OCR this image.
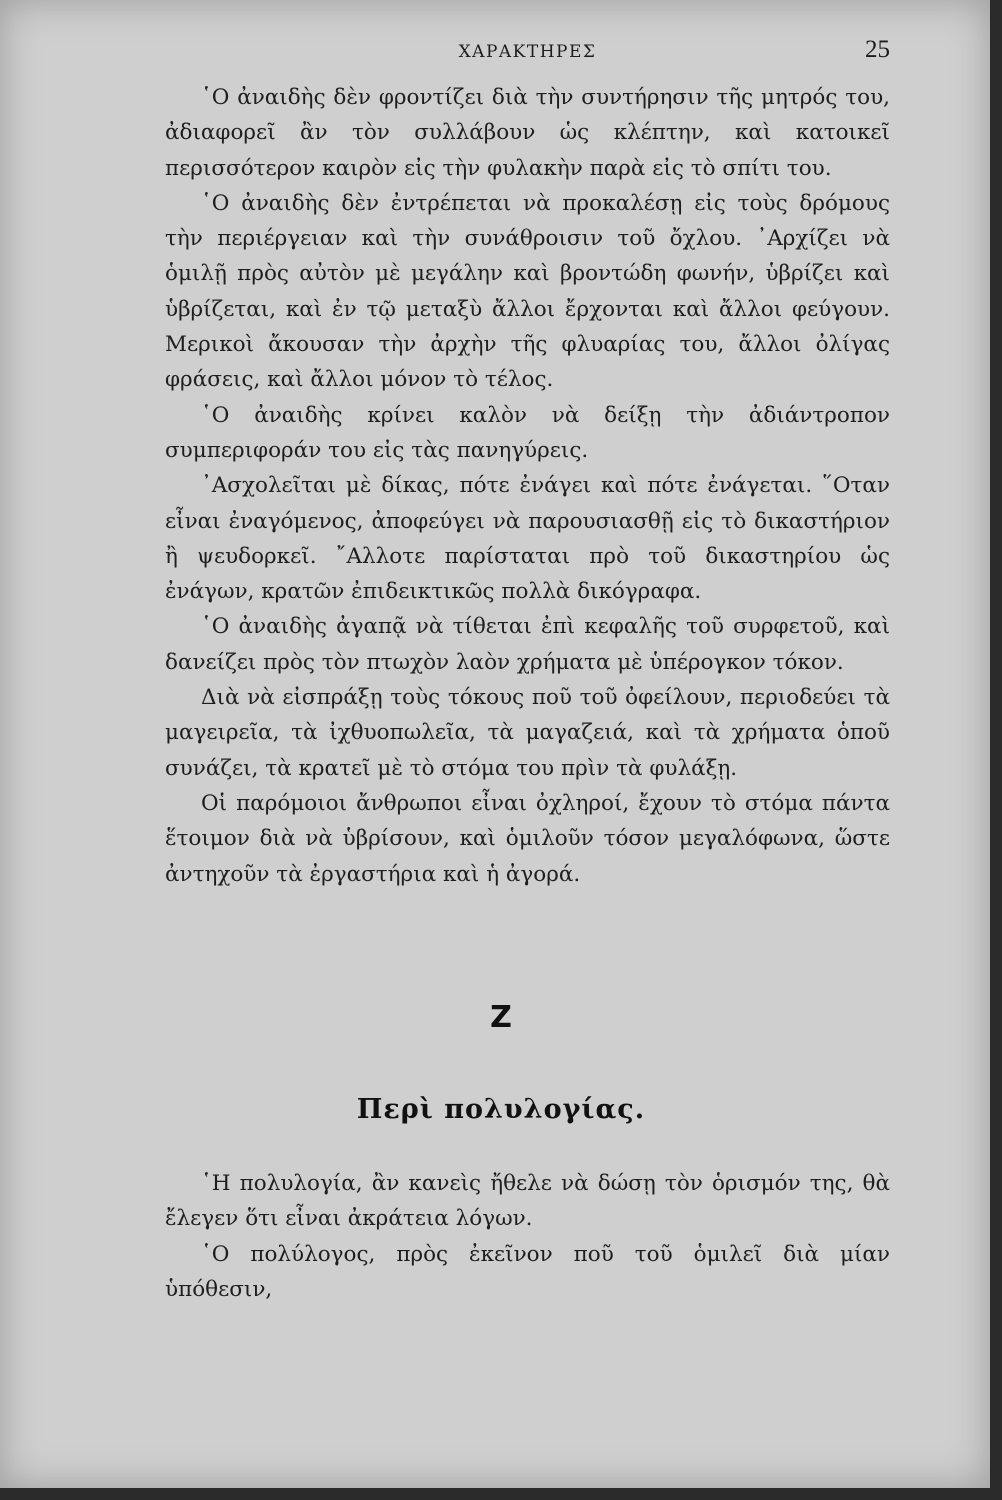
ΧΑΡΑΚΤΗΡΕΣ	25

῾Ο ἀναιδὴς δὲν φροντίζει διὰ τὴν συντήρησιν τῆς μητρός του, ἀδιαφορεῖ ἂν τὸν συλλάβουν ὡς κλέπτην, καὶ κατοικεῖ περισσότερον καιρὸν εἰς τὴν φυλακὴν παρὰ εἰς τὸ σπίτι του.

῾Ο ἀναιδὴς δὲν ἐντρέπεται νὰ προκαλέσῃ εἰς τοὺς δρόμους τὴν περιέργειαν καὶ τὴν συνάθροισιν τοῦ ὄχλου. ᾿Αρχίζει νὰ ὁμιλῇ πρὸς αὐτὸν μὲ μεγάλην καὶ βροντώδη φωνήν, ὑβρίζει καὶ ὑβρίζεται, καὶ ἐν τῷ μεταξὺ ἄλλοι ἔρχονται καὶ ἄλλοι φεύγουν. Μερικοὶ ἄκουσαν τὴν ἀρχὴν τῆς φλυαρίας του, ἄλλοι ὀλίγας φράσεις, καὶ ἄλλοι μόνον τὸ τέλος.

῾Ο ἀναιδὴς κρίνει καλὸν νὰ δείξῃ τὴν ἀδιάντροπον συμπεριφοράν του εἰς τὰς πανηγύρεις.

᾿Ασχολεῖται μὲ δίκας, πότε ἐνάγει καὶ πότε ἐνάγεται. ῞Οταν εἶναι ἐναγόμενος, ἀποφεύγει νὰ παρουσιασθῇ εἰς τὸ δικαστήριον ἢ ψευδορκεῖ. ῎Αλλοτε παρίσταται πρὸ τοῦ δικαστηρίου ὡς ἐνάγων, κρατῶν ἐπιδεικτικῶς πολλὰ δικόγραφα.

῾Ο ἀναιδὴς ἀγαπᾷ νὰ τίθεται ἐπὶ κεφαλῆς τοῦ συρφετοῦ, καὶ δανείζει πρὸς τὸν πτωχὸν λαὸν χρήματα μὲ ὑπέρογκον τόκον.

Διὰ νὰ εἰσπράξῃ τοὺς τόκους ποῦ τοῦ ὀφείλουν, περιοδεύει τὰ μαγειρεῖα, τὰ ἰχθυοπωλεῖα, τὰ μαγαζειά, καὶ τὰ χρήματα ὁποῦ συνάζει, τὰ κρατεῖ μὲ τὸ στόμα του πρὶν τὰ φυλάξῃ.

Οἱ παρόμοιοι ἄνθρωποι εἶναι ὀχληροί, ἔχουν τὸ στόμα πάντα ἕτοιμον διὰ νὰ ὑβρίσουν, καὶ ὁμιλοῦν τόσον μεγαλόφωνα, ὥστε ἀντηχοῦν τὰ ἐργαστήρια καὶ ἡ ἀγορά.

Ζ
Περὶ πολυλογίας.

῾Η πολυλογία, ἂν κανεὶς ἤθελε νὰ δώσῃ τὸν ὁρισμόν της, θὰ ἔλεγεν ὅτι εἶναι ἀκράτεια λόγων.

῾Ο πολύλογος, πρὸς ἐκεῖνον ποῦ τοῦ ὁμιλεῖ διὰ μίαν ὑπόθεσιν,
